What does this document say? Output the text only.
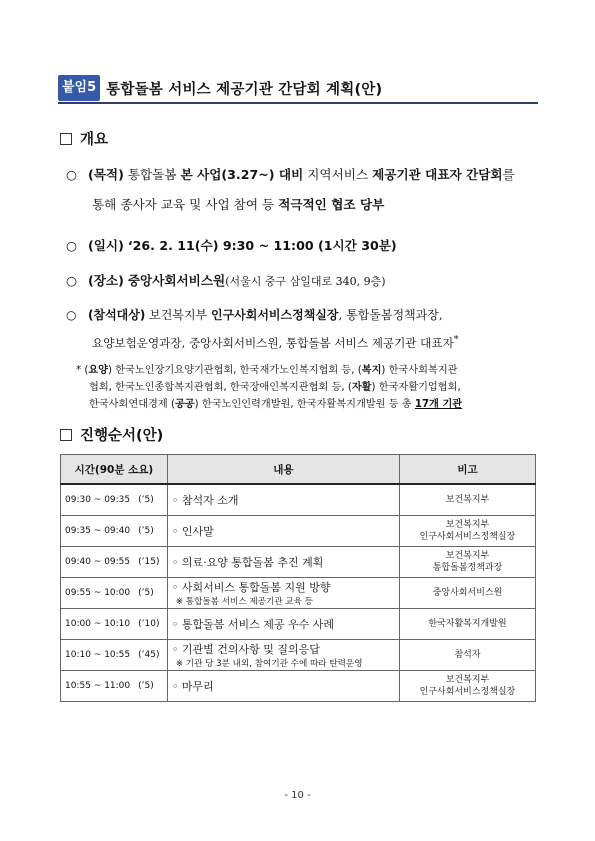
붙임5 통합돌봄 서비스 제공기관 간담회 계획(안)
개요
○ (목적) 통합돌봄 본 사업(3.27~) 대비 지역서비스 제공기관 대표자 간담회를
통해 종사자 교육 및 사업 참여 등 적극적인 협조 당부
○ (일시) ‘26. 2. 11(수) 9:30 ~ 11:00 (1시간 30분)
○ (장소) 중앙사회서비스원(서울시 중구 삼일대로 340, 9층)
○ (참석대상) 보건복지부 인구사회서비스정책실장, 통합돌봄정책과장,
요양보험운영과장, 중앙사회서비스원, 통합돌봄 서비스 제공기관 대표자*
* (요양) 한국노인장기요양기관협회, 한국재가노인복지협회 등, (복지) 한국사회복지관
협회, 한국노인종합복지관협회, 한국장애인복지관협회 등, (자활) 한국자활기업협회,
한국사회연대경제 (공공) 한국노인인력개발원, 한국자활복지개발원 등 총 17개 기관
진행순서(안)
시간(90분 소요)	내용	비고
09:30 ~ 09:35 (’5)	◦ 참석자 소개	보건복지부
09:35 ~ 09:40 (’5)	◦ 인사말	보건복지부
인구사회서비스정책실장
09:40 ~ 09:55 (’15)	◦ 의료·요양 통합돌봄 추진 계획	보건복지부
통합돌봄정책과장
09:55 ~ 10:00 (’5)	◦ 사회서비스 통합돌봄 지원 방향
※ 통합돌봄 서비스 제공기관 교육 등	중앙사회서비스원
10:00 ~ 10:10 (’10)	◦ 통합돌봄 서비스 제공 우수 사례	한국자활복지개발원
10:10 ~ 10:55 (’45)	◦ 기관별 건의사항 및 질의응답
※ 기관 당 3분 내외, 참여기관 수에 따라 탄력운영	참석자
10:55 ~ 11:00 (’5)	◦ 마무리	보건복지부
인구사회서비스정책실장
- 10 -
